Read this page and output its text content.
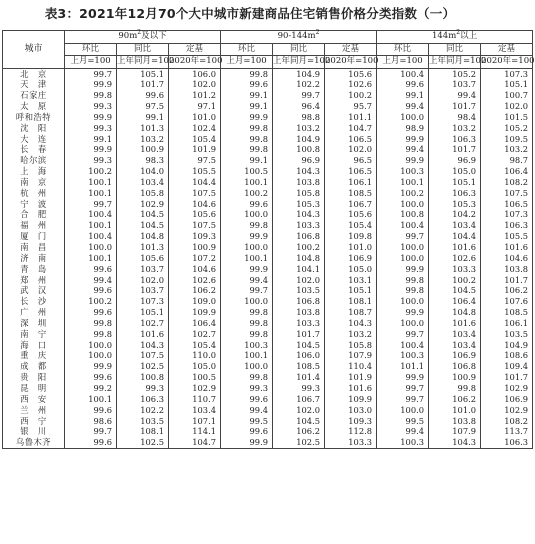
表3：2021年12月70个大中城市新建商品住宅销售价格分类指数（一）
城市	$90m^2$及以下			$90-144m^2$			$144m^2$以上		
	环比	同比	定基	环比	同比	定基	环比	同比	定基
	上月=100	上年同月=100	2020年=100	上月=100	上年同月=100	2020年=100	上月=100	上年同月=100	2020年=100
北　京	99.7	105.1	106.0	99.8	104.9	105.6	100.4	105.2	107.3
天　津	99.9	101.7	102.0	99.6	102.2	102.6	99.6	103.7	105.1
石家庄	99.8	99.6	101.2	99.1	99.7	100.2	99.1	99.4	100.7
太　原	99.3	97.5	97.1	99.1	96.4	95.7	99.4	101.7	102.0
呼和浩特	99.9	99.1	101.0	99.9	98.8	101.1	100.0	98.4	101.5
沈　阳	99.3	101.3	102.4	99.8	103.2	104.7	98.9	103.2	105.2
大　连	99.1	103.2	105.4	99.8	104.9	106.5	99.9	106.3	109.5
长　春	99.9	100.9	101.9	99.8	100.8	102.0	99.4	101.7	103.2
哈尔滨	99.3	98.3	97.5	99.1	96.9	96.5	99.9	96.9	98.7
上　海	100.2	104.0	105.5	100.5	104.3	106.5	100.3	105.0	106.4
南　京	100.1	103.4	104.4	100.1	103.8	106.1	100.1	105.1	108.2
杭　州	100.1	105.8	107.5	100.2	105.8	108.5	100.2	106.3	107.5
宁　波	99.7	102.9	104.6	99.6	105.3	106.7	100.0	105.3	106.5
合　肥	100.4	104.5	105.6	100.0	104.3	105.6	100.8	104.2	107.3
福　州	100.1	104.5	107.5	99.8	103.3	105.4	100.4	103.4	106.3
厦　门	100.4	104.8	109.3	99.9	106.8	109.8	99.7	104.4	105.5
南　昌	100.0	101.3	100.9	100.0	100.2	101.0	100.0	101.6	101.6
济　南	100.1	105.6	107.2	100.1	104.8	106.9	100.0	102.6	104.6
青　岛	99.6	103.7	104.6	99.9	104.1	105.0	99.9	103.3	103.8
郑　州	99.4	102.0	102.6	99.4	102.0	103.1	99.8	100.2	101.7
武　汉	99.6	103.7	106.2	99.7	103.5	105.1	99.8	104.5	106.2
长　沙	100.2	107.3	109.0	100.0	106.8	108.1	100.0	106.4	107.6
广　州	99.6	105.1	109.9	99.8	103.8	108.7	99.9	104.8	108.5
深　圳	99.8	102.7	106.4	99.8	103.3	104.3	100.0	101.6	106.1
南　宁	99.8	101.6	102.7	99.8	101.7	103.2	99.7	103.4	103.5
海　口	100.0	104.3	105.4	100.3	104.5	105.8	100.4	103.4	104.9
重　庆	100.0	107.5	110.0	100.1	106.0	107.9	100.3	106.9	108.6
成　都	99.9	102.5	105.0	100.0	108.5	110.4	101.1	106.8	109.4
贵　阳	99.6	100.8	100.5	99.8	101.4	101.9	99.9	100.9	101.7
昆　明	99.2	99.3	102.9	99.3	99.3	101.6	99.7	99.8	102.9
西　安	100.1	106.3	110.7	99.6	106.7	109.9	99.7	106.2	106.9
兰　州	99.6	102.2	103.4	99.4	102.0	103.0	100.0	101.0	102.9
西　宁	98.6	103.5	107.1	99.5	104.5	109.3	99.5	103.8	108.2
银　川	99.7	108.1	114.1	99.6	106.2	112.8	99.4	107.9	113.7
乌鲁木齐	99.6	102.5	104.7	99.9	102.5	103.3	100.3	104.3	106.3
